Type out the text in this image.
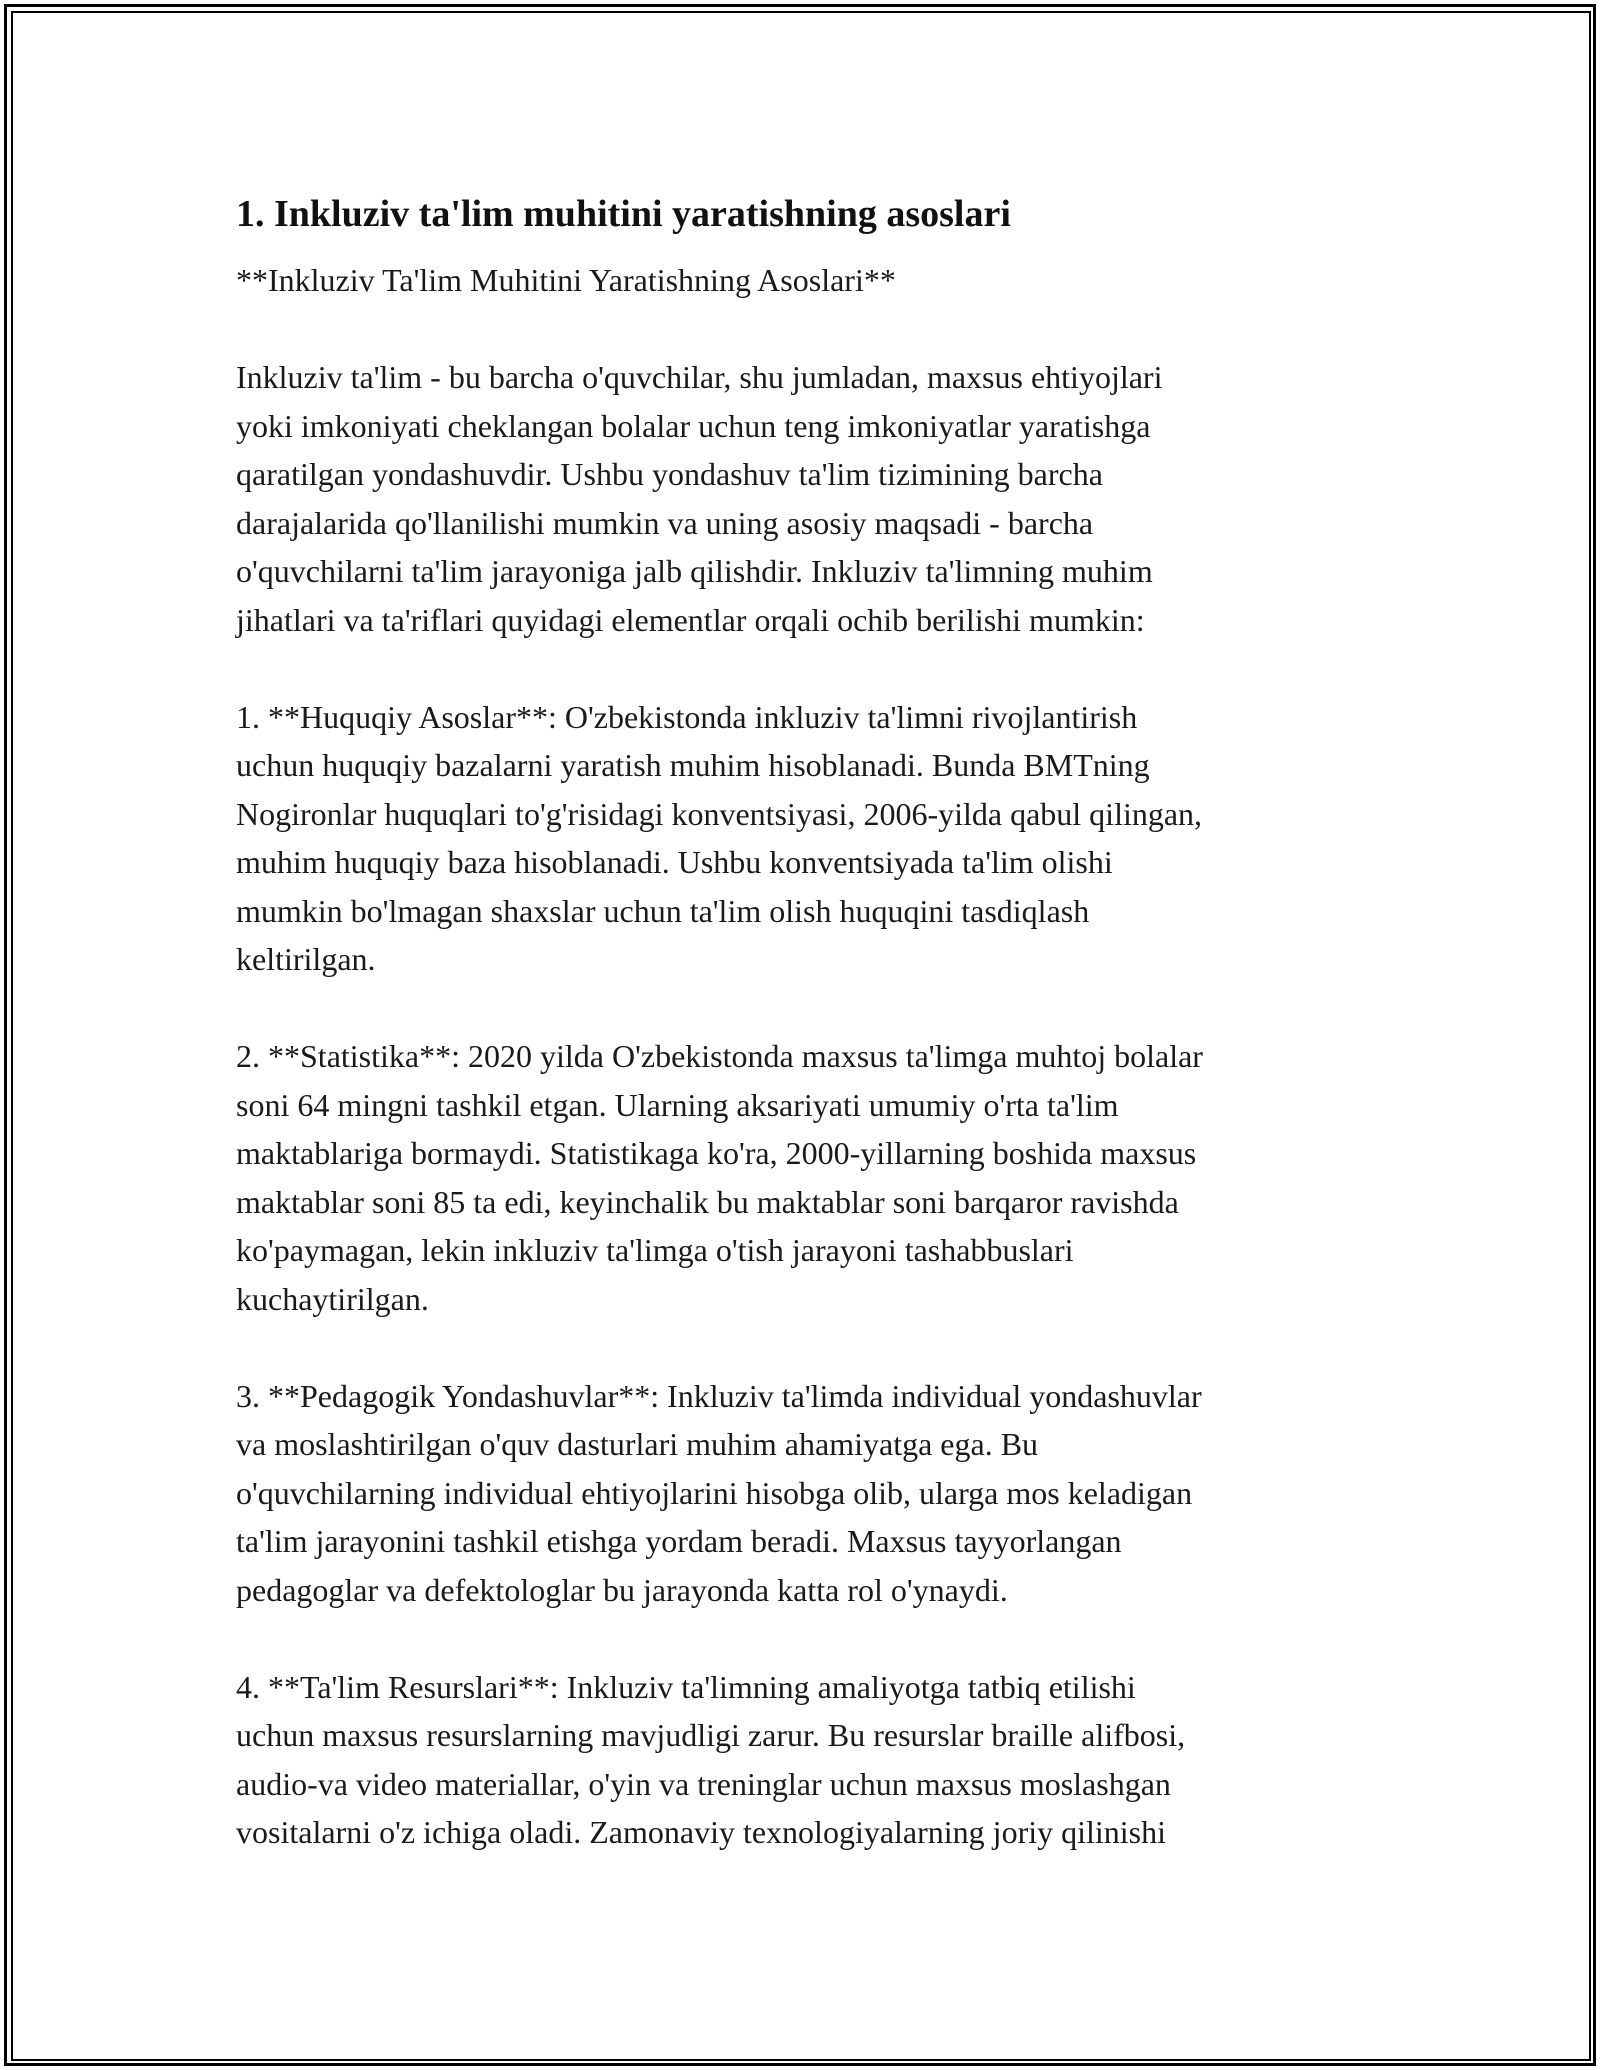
1. Inkluziv ta'lim muhitini yaratishning asoslari

**Inkluziv Ta'lim Muhitini Yaratishning Asoslari**

Inkluziv ta'lim - bu barcha o'quvchilar, shu jumladan, maxsus ehtiyojlari
yoki imkoniyati cheklangan bolalar uchun teng imkoniyatlar yaratishga
qaratilgan yondashuvdir. Ushbu yondashuv ta'lim tizimining barcha
darajalarida qo'llanilishi mumkin va uning asosiy maqsadi - barcha
o'quvchilarni ta'lim jarayoniga jalb qilishdir. Inkluziv ta'limning muhim
jihatlari va ta'riflari quyidagi elementlar orqali ochib berilishi mumkin:

1. **Huquqiy Asoslar**: O'zbekistonda inkluziv ta'limni rivojlantirish
uchun huquqiy bazalarni yaratish muhim hisoblanadi. Bunda BMTning
Nogironlar huquqlari to'g'risidagi konventsiyasi, 2006-yilda qabul qilingan,
muhim huquqiy baza hisoblanadi. Ushbu konventsiyada ta'lim olishi
mumkin bo'lmagan shaxslar uchun ta'lim olish huquqini tasdiqlash
keltirilgan.

2. **Statistika**: 2020 yilda O'zbekistonda maxsus ta'limga muhtoj bolalar
soni 64 mingni tashkil etgan. Ularning aksariyati umumiy o'rta ta'lim
maktablariga bormaydi. Statistikaga ko'ra, 2000-yillarning boshida maxsus
maktablar soni 85 ta edi, keyinchalik bu maktablar soni barqaror ravishda
ko'paymagan, lekin inkluziv ta'limga o'tish jarayoni tashabbuslari
kuchaytirilgan.

3. **Pedagogik Yondashuvlar**: Inkluziv ta'limda individual yondashuvlar
va moslashtirilgan o'quv dasturlari muhim ahamiyatga ega. Bu
o'quvchilarning individual ehtiyojlarini hisobga olib, ularga mos keladigan
ta'lim jarayonini tashkil etishga yordam beradi. Maxsus tayyorlangan
pedagoglar va defektologlar bu jarayonda katta rol o'ynaydi.

4. **Ta'lim Resurslari**: Inkluziv ta'limning amaliyotga tatbiq etilishi
uchun maxsus resurslarning mavjudligi zarur. Bu resurslar braille alifbosi,
audio-va video materiallar, o'yin va treninglar uchun maxsus moslashgan
vositalarni o'z ichiga oladi. Zamonaviy texnologiyalarning joriy qilinishi
